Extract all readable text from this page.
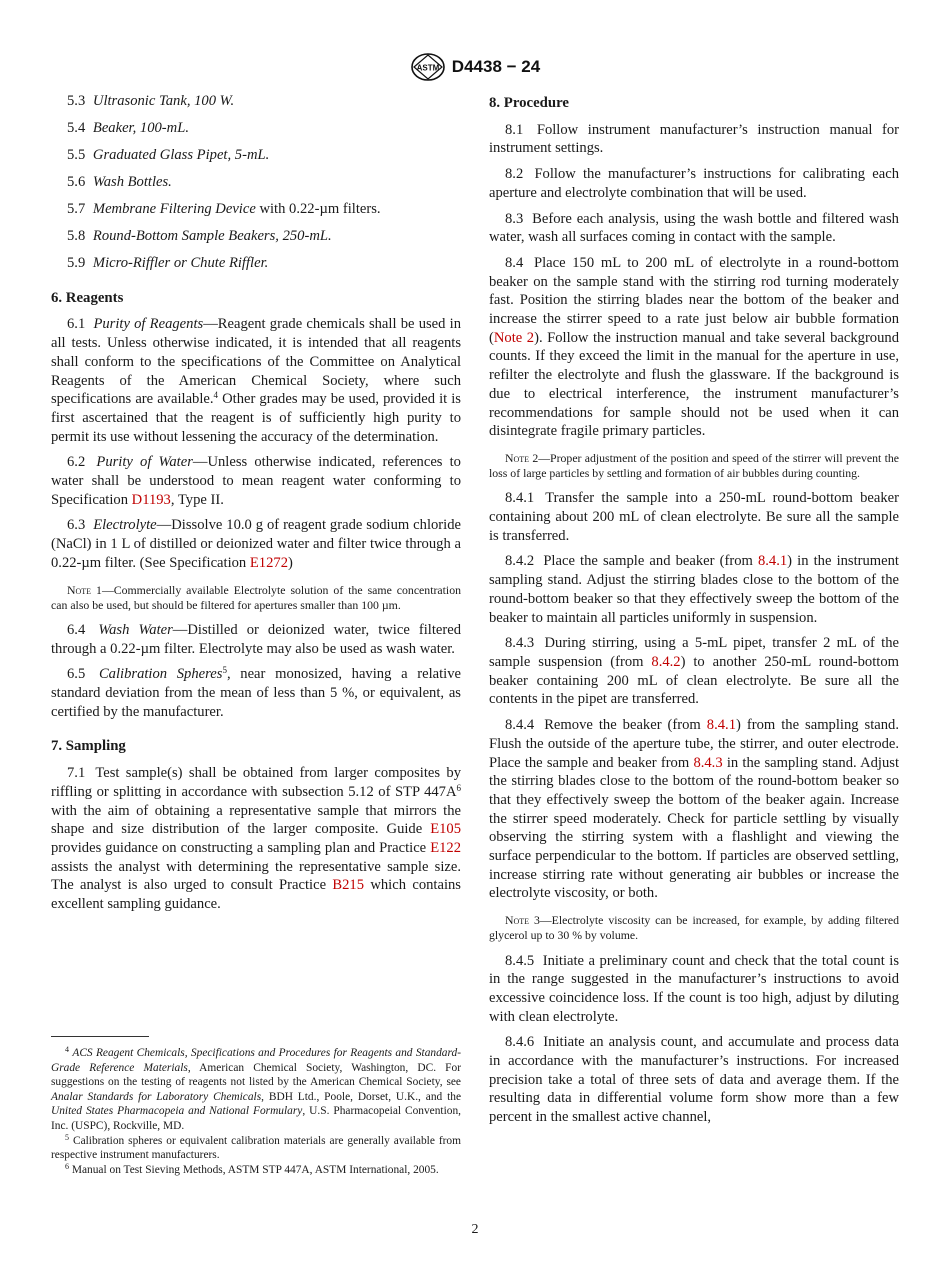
ASTM D4438 − 24

5.3 Ultrasonic Tank, 100 W.

5.4 Beaker, 100-mL.

5.5 Graduated Glass Pipet, 5-mL.

5.6 Wash Bottles.

5.7 Membrane Filtering Device with 0.22-µm filters.

5.8 Round-Bottom Sample Beakers, 250-mL.

5.9 Micro-Riffler or Chute Riffler.

6. Reagents

6.1 Purity of Reagents—Reagent grade chemicals shall be used in all tests. Unless otherwise indicated, it is intended that all reagents shall conform to the specifications of the Committee on Analytical Reagents of the American Chemical Society, where such specifications are available.$^4$ Other grades may be used, provided it is first ascertained that the reagent is of sufficiently high purity to permit its use without lessening the accuracy of the determination.

6.2 Purity of Water—Unless otherwise indicated, references to water shall be understood to mean reagent water conforming to Specification D1193, Type II.

6.3 Electrolyte—Dissolve 10.0 g of reagent grade sodium chloride (NaCl) in 1 L of distilled or deionized water and filter twice through a 0.22-µm filter. (See Specification E1272)

Note 1—Commercially available Electrolyte solution of the same concentration can also be used, but should be filtered for apertures smaller than 100 µm.

6.4 Wash Water—Distilled or deionized water, twice filtered through a 0.22-µm filter. Electrolyte may also be used as wash water.

6.5 Calibration Spheres$^5$, near monosized, having a relative standard deviation from the mean of less than 5 %, or equivalent, as certified by the manufacturer.

7. Sampling

7.1 Test sample(s) shall be obtained from larger composites by riffling or splitting in accordance with subsection 5.12 of STP $447A^6$ with the aim of obtaining a representative sample that mirrors the shape and size distribution of the larger composite. Guide E105 provides guidance on constructing a sampling plan and Practice E122 assists the analyst with determining the representative sample size. The analyst is also urged to consult Practice B215 which contains excellent sampling guidance.

$^4$ ACS Reagent Chemicals, Specifications and Procedures for Reagents and Standard-Grade Reference Materials, American Chemical Society, Washington, DC. For suggestions on the testing of reagents not listed by the American Chemical Society, see Analar Standards for Laboratory Chemicals, BDH Ltd., Poole, Dorset, U.K., and the United States Pharmacopeia and National Formulary, U.S. Pharmacopeial Convention, Inc. (USPC), Rockville, MD.

$^5$ Calibration spheres or equivalent calibration materials are generally available from respective instrument manufacturers.

$^6$ Manual on Test Sieving Methods, ASTM STP 447A, ASTM International, 2005.

8. Procedure

8.1 Follow instrument manufacturer’s instruction manual for instrument settings.

8.2 Follow the manufacturer’s instructions for calibrating each aperture and electrolyte combination that will be used.

8.3 Before each analysis, using the wash bottle and filtered wash water, wash all surfaces coming in contact with the sample.

8.4 Place 150 mL to 200 mL of electrolyte in a round-bottom beaker on the sample stand with the stirring rod turning moderately fast. Position the stirring blades near the bottom of the beaker and increase the stirrer speed to a rate just below air bubble formation (Note 2). Follow the instruction manual and take several background counts. If they exceed the limit in the manual for the aperture in use, refilter the electrolyte and flush the glassware. If the background is due to electrical interference, the instrument manufacturer’s recommendations for sample should not be used when it can disintegrate fragile primary particles.

Note 2—Proper adjustment of the position and speed of the stirrer will prevent the loss of large particles by settling and formation of air bubbles during counting.

8.4.1 Transfer the sample into a 250-mL round-bottom beaker containing about 200 mL of clean electrolyte. Be sure all the sample is transferred.

8.4.2 Place the sample and beaker (from 8.4.1) in the instrument sampling stand. Adjust the stirring blades close to the bottom of the round-bottom beaker so that they effectively sweep the bottom of the beaker to maintain all particles uniformly in suspension.

8.4.3 During stirring, using a 5-mL pipet, transfer 2 mL of the sample suspension (from 8.4.2) to another 250-mL round-bottom beaker containing 200 mL of clean electrolyte. Be sure all the contents in the pipet are transferred.

8.4.4 Remove the beaker (from 8.4.1) from the sampling stand. Flush the outside of the aperture tube, the stirrer, and outer electrode. Place the sample and beaker from 8.4.3 in the sampling stand. Adjust the stirring blades close to the bottom of the round-bottom beaker so that they effectively sweep the bottom of the beaker again. Increase the stirrer speed moderately. Check for particle settling by visually observing the stirring system with a flashlight and viewing the surface perpendicular to the bottom. If particles are observed settling, increase stirring rate without generating air bubbles or increase the electrolyte viscosity, or both.

Note 3—Electrolyte viscosity can be increased, for example, by adding filtered glycerol up to 30 % by volume.

8.4.5 Initiate a preliminary count and check that the total count is in the range suggested in the manufacturer’s instructions to avoid excessive coincidence loss. If the count is too high, adjust by diluting with clean electrolyte.

8.4.6 Initiate an analysis count, and accumulate and process data in accordance with the manufacturer’s instructions. For increased precision take a total of three sets of data and average them. If the resulting data in differential volume form show more than a few percent in the smallest active channel,

2
